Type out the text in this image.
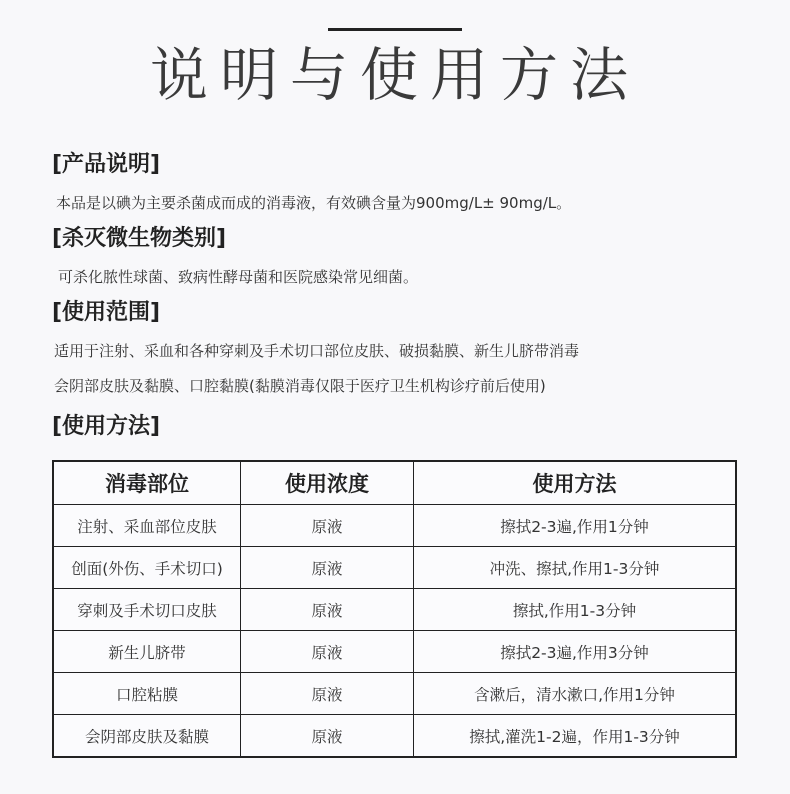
说明与使用方法
[产品说明]
本品是以碘为主要杀菌成而成的消毒液，有效碘含量为900mg/L± 90mg/L。
[杀灭微生物类别]
可杀化脓性球菌、致病性酵母菌和医院感染常见细菌。
[使用范围]
适用于注射、采血和各种穿刺及手术切口部位皮肤、破损黏膜、新生儿脐带消毒
会阴部皮肤及黏膜、口腔黏膜(黏膜消毒仅限于医疗卫生机构诊疗前后使用)
[使用方法]
消毒部位	使用浓度	使用方法
注射、采血部位皮肤	原液	擦拭2-3遍,作用1分钟
创面(外伤、手术切口)	原液	冲洗、擦拭,作用1-3分钟
穿刺及手术切口皮肤	原液	擦拭,作用1-3分钟
新生儿脐带	原液	擦拭2-3遍,作用3分钟
口腔粘膜	原液	含漱后，清水漱口,作用1分钟
会阴部皮肤及黏膜	原液	擦拭,灌洗1-2遍，作用1-3分钟
